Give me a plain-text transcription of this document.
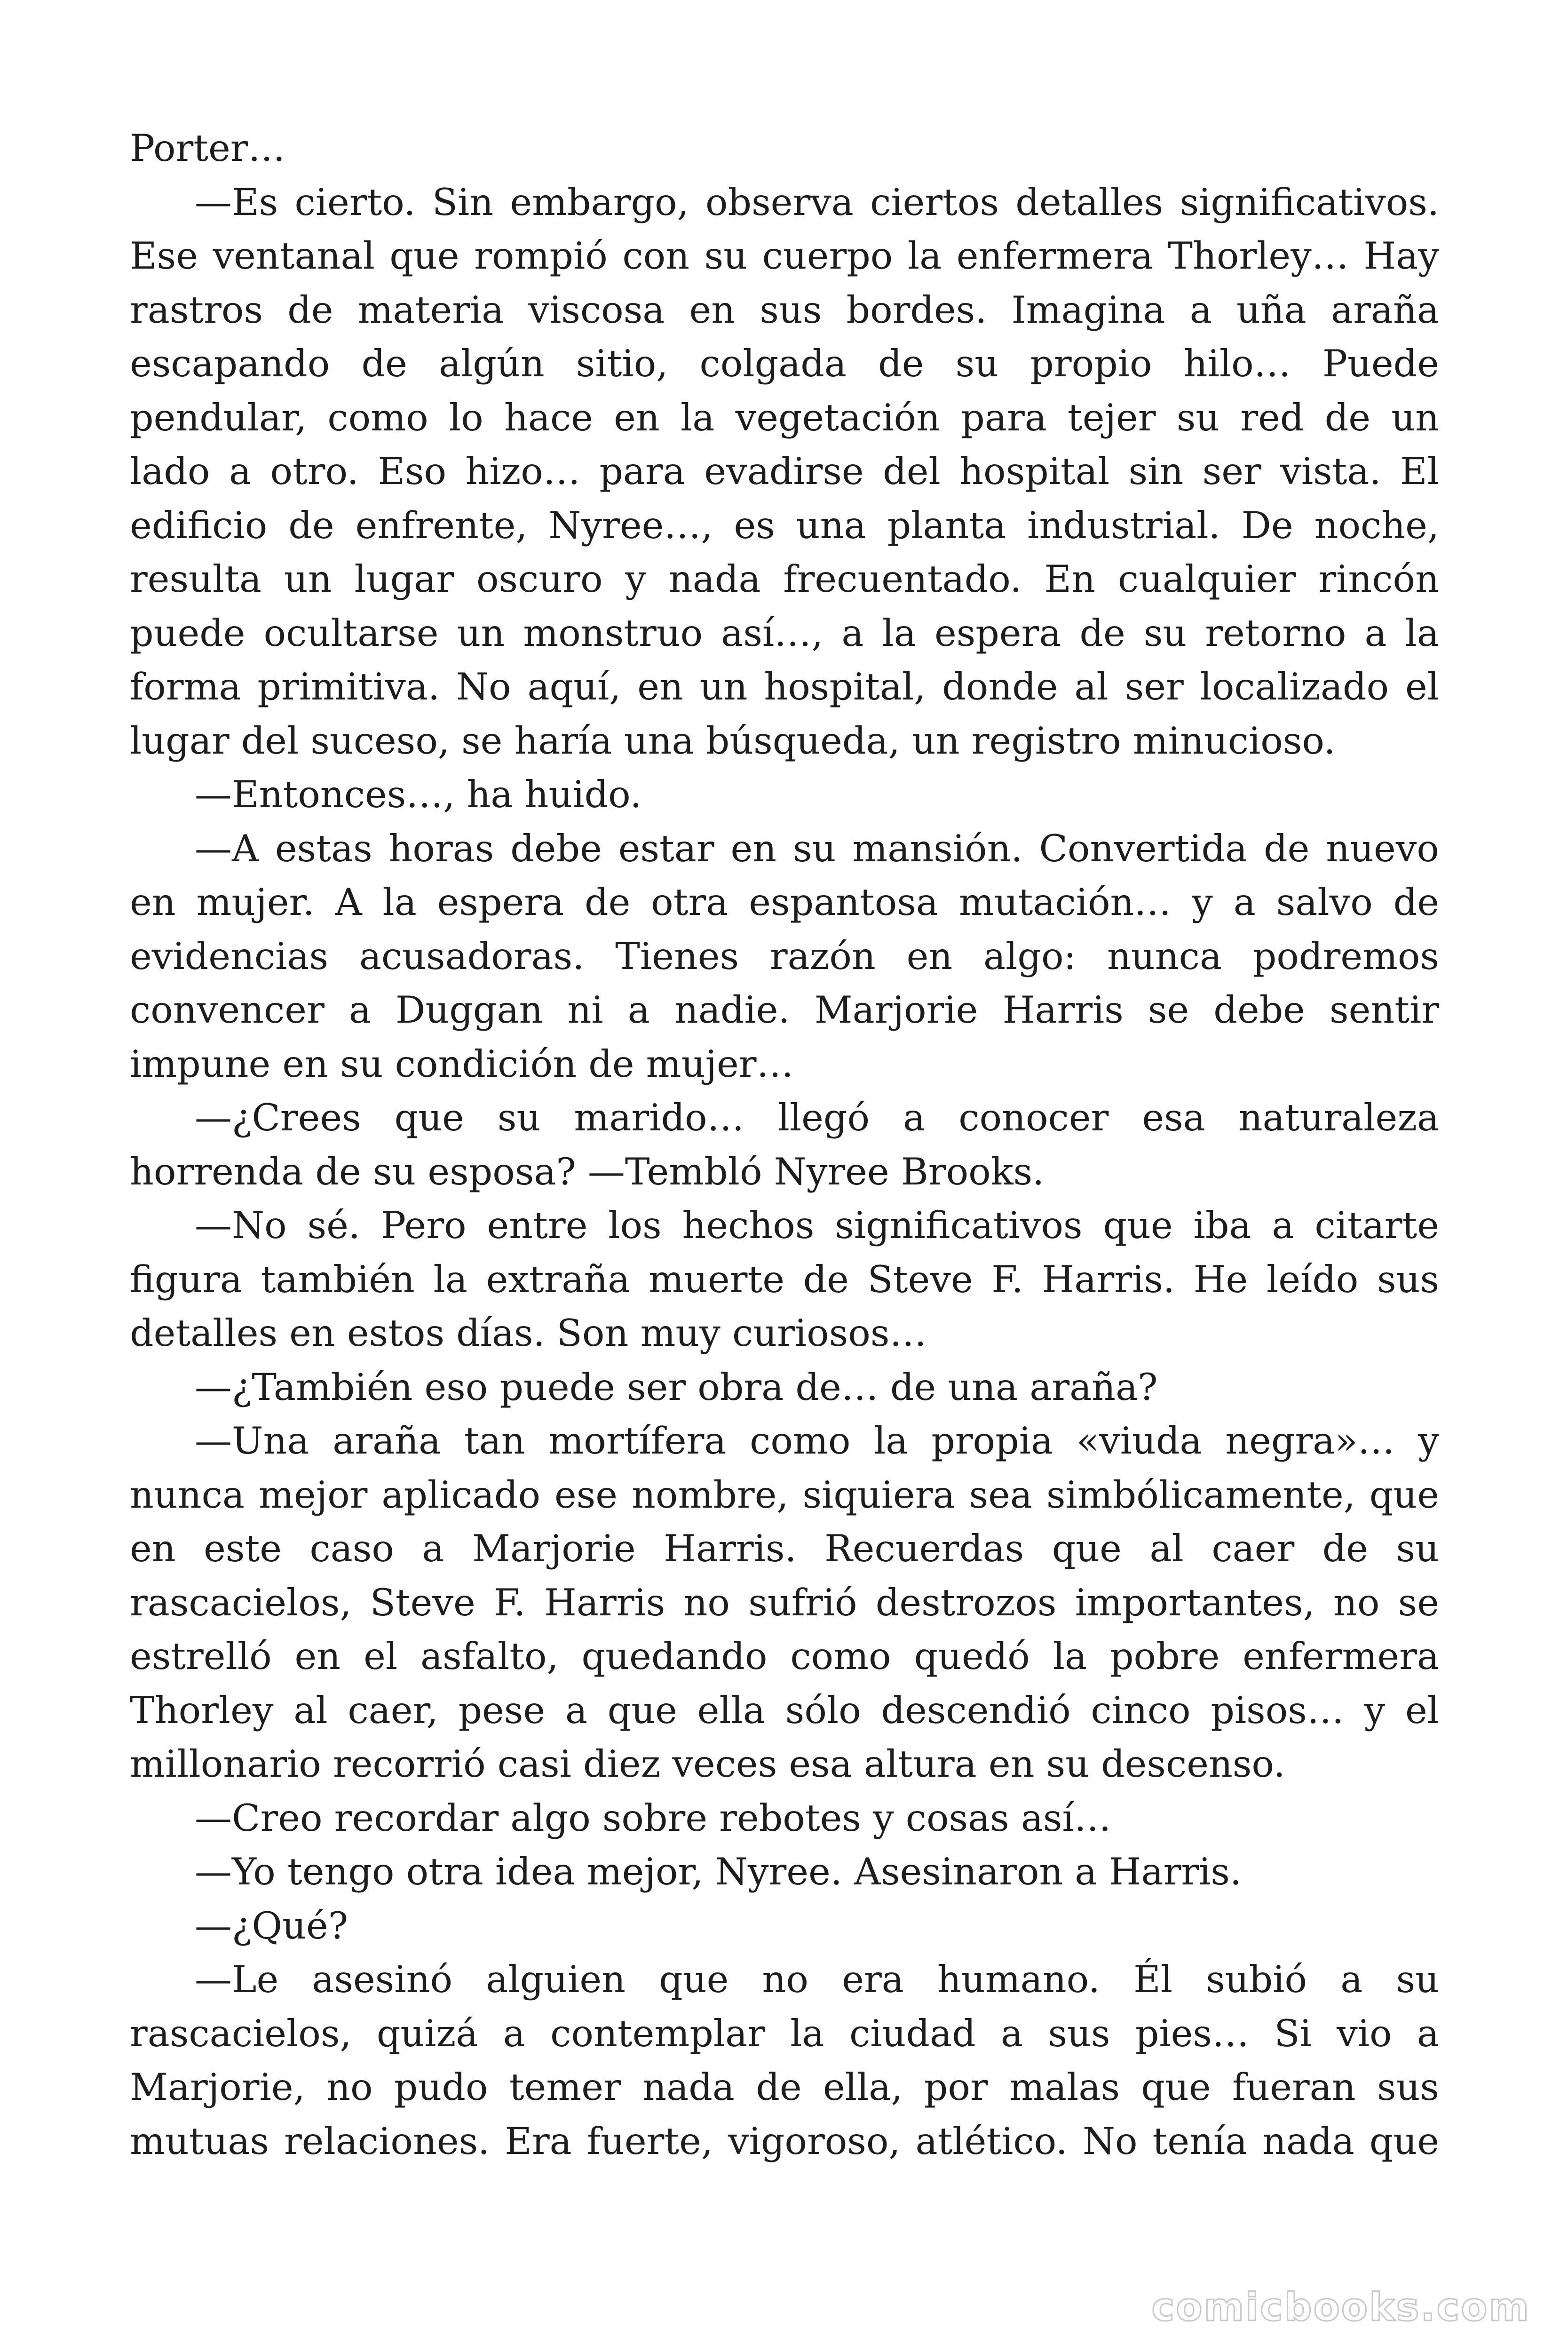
Porter…
—Es cierto. Sin embargo, observa ciertos detalles significativos.
Ese ventanal que rompió con su cuerpo la enfermera Thorley… Hay
rastros de materia viscosa en sus bordes. Imagina a uña araña
escapando de algún sitio, colgada de su propio hilo… Puede
pendular, como lo hace en la vegetación para tejer su red de un
lado a otro. Eso hizo… para evadirse del hospital sin ser vista. El
edificio de enfrente, Nyree…, es una planta industrial. De noche,
resulta un lugar oscuro y nada frecuentado. En cualquier rincón
puede ocultarse un monstruo así…, a la espera de su retorno a la
forma primitiva. No aquí, en un hospital, donde al ser localizado el
lugar del suceso, se haría una búsqueda, un registro minucioso.
—Entonces…, ha huido.
—A estas horas debe estar en su mansión. Convertida de nuevo
en mujer. A la espera de otra espantosa mutación… y a salvo de
evidencias acusadoras. Tienes razón en algo: nunca podremos
convencer a Duggan ni a nadie. Marjorie Harris se debe sentir
impune en su condición de mujer…
—¿Crees que su marido… llegó a conocer esa naturaleza
horrenda de su esposa? —Tembló Nyree Brooks.
—No sé. Pero entre los hechos significativos que iba a citarte
figura también la extraña muerte de Steve F. Harris. He leído sus
detalles en estos días. Son muy curiosos…
—¿También eso puede ser obra de… de una araña?
—Una araña tan mortífera como la propia «viuda negra»… y
nunca mejor aplicado ese nombre, siquiera sea simbólicamente, que
en este caso a Marjorie Harris. Recuerdas que al caer de su
rascacielos, Steve F. Harris no sufrió destrozos importantes, no se
estrelló en el asfalto, quedando como quedó la pobre enfermera
Thorley al caer, pese a que ella sólo descendió cinco pisos… y el
millonario recorrió casi diez veces esa altura en su descenso.
—Creo recordar algo sobre rebotes y cosas así…
—Yo tengo otra idea mejor, Nyree. Asesinaron a Harris.
—¿Qué?
—Le asesinó alguien que no era humano. Él subió a su
rascacielos, quizá a contemplar la ciudad a sus pies… Si vio a
Marjorie, no pudo temer nada de ella, por malas que fueran sus
mutuas relaciones. Era fuerte, vigoroso, atlético. No tenía nada que
comicbooks.com
